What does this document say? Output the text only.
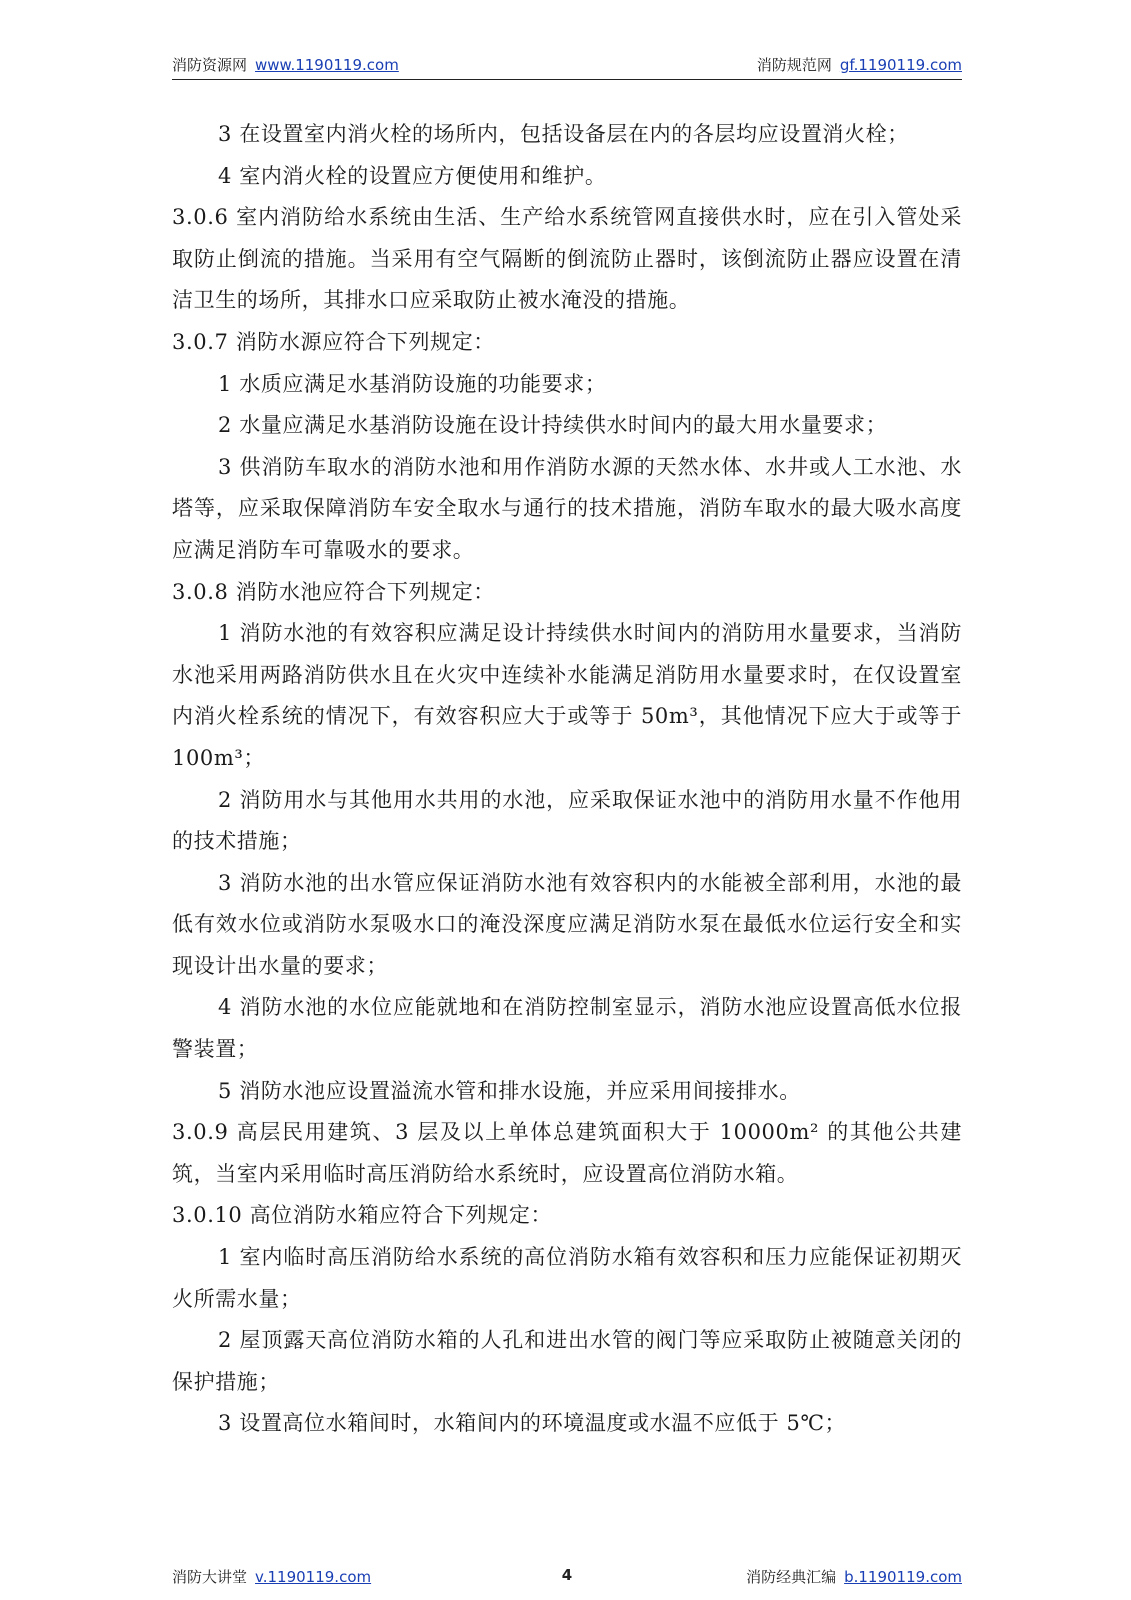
消防资源网 www.1190119.com	消防规范网 gf.1190119.com

3 在设置室内消火栓的场所内，包括设备层在内的各层均应设置消火栓；

4 室内消火栓的设置应方便使用和维护。

3.0.6 室内消防给水系统由生活、生产给水系统管网直接供水时，应在引入管处采取防止倒流的措施。当采用有空气隔断的倒流防止器时，该倒流防止器应设置在清洁卫生的场所，其排水口应采取防止被水淹没的措施。

3.0.7 消防水源应符合下列规定：

1 水质应满足水基消防设施的功能要求；

2 水量应满足水基消防设施在设计持续供水时间内的最大用水量要求；

3 供消防车取水的消防水池和用作消防水源的天然水体、水井或人工水池、水塔等，应采取保障消防车安全取水与通行的技术措施，消防车取水的最大吸水高度应满足消防车可靠吸水的要求。

3.0.8 消防水池应符合下列规定：

1 消防水池的有效容积应满足设计持续供水时间内的消防用水量要求，当消防水池采用两路消防供水且在火灾中连续补水能满足消防用水量要求时，在仅设置室内消火栓系统的情况下，有效容积应大于或等于 50m³，其他情况下应大于或等于 100m³；

2 消防用水与其他用水共用的水池，应采取保证水池中的消防用水量不作他用的技术措施；

3 消防水池的出水管应保证消防水池有效容积内的水能被全部利用，水池的最低有效水位或消防水泵吸水口的淹没深度应满足消防水泵在最低水位运行安全和实现设计出水量的要求；

4 消防水池的水位应能就地和在消防控制室显示，消防水池应设置高低水位报警装置；

5 消防水池应设置溢流水管和排水设施，并应采用间接排水。

3.0.9 高层民用建筑、3 层及以上单体总建筑面积大于 10000m² 的其他公共建筑，当室内采用临时高压消防给水系统时，应设置高位消防水箱。

3.0.10 高位消防水箱应符合下列规定：

1 室内临时高压消防给水系统的高位消防水箱有效容积和压力应能保证初期灭火所需水量；

2 屋顶露天高位消防水箱的人孔和进出水管的阀门等应采取防止被随意关闭的保护措施；

3 设置高位水箱间时，水箱间内的环境温度或水温不应低于 5℃；

消防大讲堂 v.1190119.com	4	消防经典汇编 b.1190119.com
